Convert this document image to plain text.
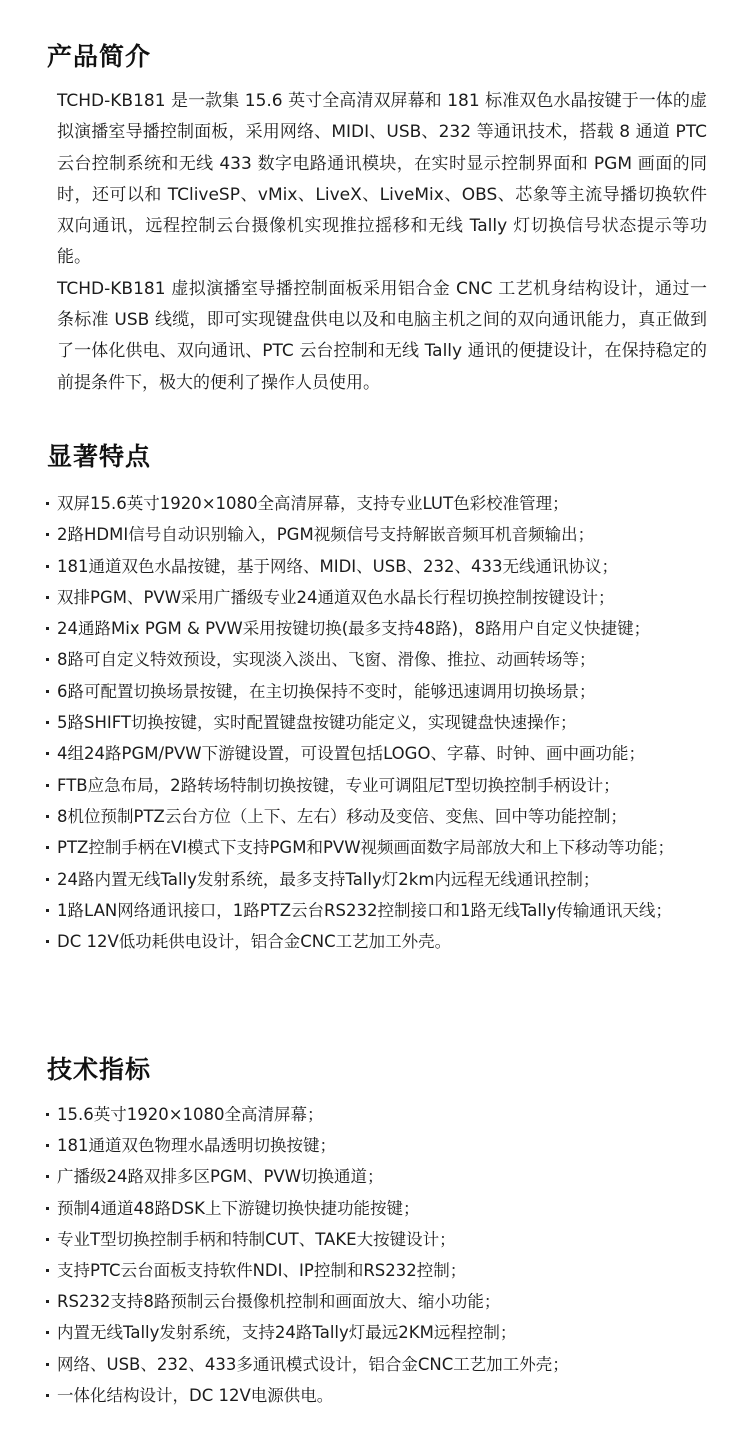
产品简介

TCHD-KB181 是一款集 15.6 英寸全高清双屏幕和 181 标准双色水晶按键于一体的虚拟演播室导播控制面板，采用网络、MIDI、USB、232 等通讯技术，搭载 8 通道 PTC 云台控制系统和无线 433 数字电路通讯模块，在实时显示控制界面和 PGM 画面的同时，还可以和 TCliveSP、vMix、LiveX、LiveMix、OBS、芯象等主流导播切换软件双向通讯，远程控制云台摄像机实现推拉摇移和无线 Tally 灯切换信号状态提示等功能。

TCHD-KB181 虚拟演播室导播控制面板采用铝合金 CNC 工艺机身结构设计，通过一条标准 USB 线缆，即可实现键盘供电以及和电脑主机之间的双向通讯能力，真正做到了一体化供电、双向通讯、PTC 云台控制和无线 Tally 通讯的便捷设计，在保持稳定的前提条件下，极大的便利了操作人员使用。

显著特点
双屏15.6英寸1920×1080全高清屏幕，支持专业LUT色彩校准管理；
2路HDMI信号自动识别输入，PGM视频信号支持解嵌音频耳机音频输出；
181通道双色水晶按键，基于网络、MIDI、USB、232、433无线通讯协议；
双排PGM、PVW采用广播级专业24通道双色水晶长行程切换控制按键设计；
24通路Mix PGM & PVW采用按键切换(最多支持48路)，8路用户自定义快捷键；
8路可自定义特效预设，实现淡入淡出、飞窗、滑像、推拉、动画转场等；
6路可配置切换场景按键，在主切换保持不变时，能够迅速调用切换场景；
5路SHIFT切换按键，实时配置键盘按键功能定义，实现键盘快速操作；
4组24路PGM/PVW下游键设置，可设置包括LOGO、字幕、时钟、画中画功能；
FTB应急布局，2路转场特制切换按键，专业可调阻尼T型切换控制手柄设计；
8机位预制PTZ云台方位（上下、左右）移动及变倍、变焦、回中等功能控制；
PTZ控制手柄在VI模式下支持PGM和PVW视频画面数字局部放大和上下移动等功能；
24路内置无线Tally发射系统，最多支持Tally灯2km内远程无线通讯控制；
1路LAN网络通讯接口，1路PTZ云台RS232控制接口和1路无线Tally传输通讯天线；
DC 12V低功耗供电设计，铝合金CNC工艺加工外壳。
技术指标
15.6英寸1920×1080全高清屏幕；
181通道双色物理水晶透明切换按键；
广播级24路双排多区PGM、PVW切换通道；
预制4通道48路DSK上下游键切换快捷功能按键；
专业T型切换控制手柄和特制CUT、TAKE大按键设计；
支持PTC云台面板支持软件NDI、IP控制和RS232控制；
RS232支持8路预制云台摄像机控制和画面放大、缩小功能；
内置无线Tally发射系统，支持24路Tally灯最远2KM远程控制；
网络、USB、232、433多通讯模式设计，铝合金CNC工艺加工外壳；
一体化结构设计，DC 12V电源供电。
